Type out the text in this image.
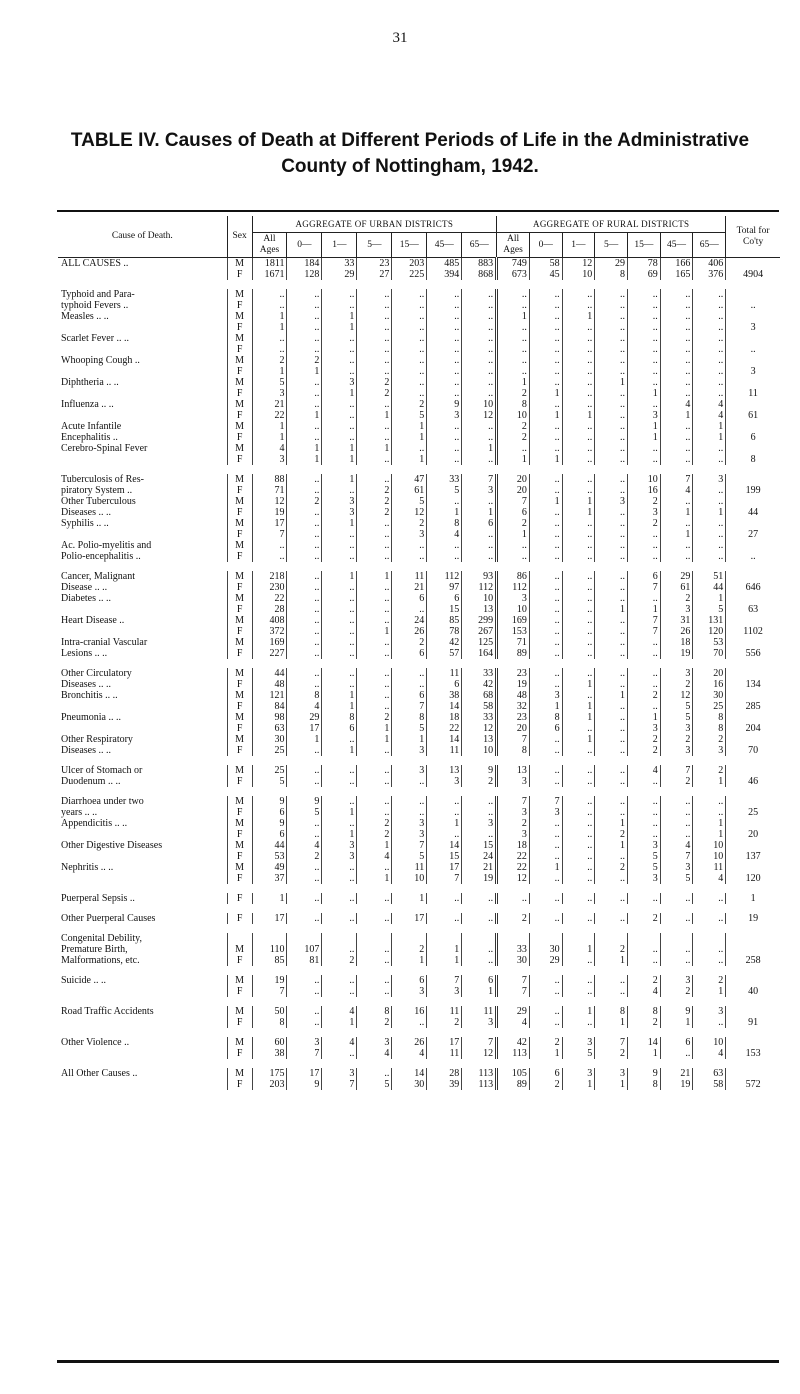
31
TABLE IV. Causes of Death at Different Periods of Life in the Administrative
County of Nottingham, 1942.
Cause of Death.	Sex	AGGREGATE OF URBAN DISTRICTS							AGGREGATE OF RURAL DISTRICTS							Total for Co'ty
		All Ages	0—	1—	5—	15—	45—	65—	All Ages	0—	1—	5—	15—	45—	65—	
ALL CAUSES ..	M	1811	184	33	23	203	485	883	749	58	12	29	78	166	406	
	F	1671	128	29	27	225	394	868	673	45	10	8	69	165	376	4904

Typhoid and Para-	M	..	..	..	..	..	..	..	..	..	..	..	..	..	..	
typhoid Fevers ..	F	..	..	..	..	..	..	..	..	..	..	..	..	..	..	..
Measles .. ..	M	1	..	1	..	..	..	..	1	..	1	..	..	..	..	
	F	1	..	1	..	..	..	..	..	..	..	..	..	..	..	3
Scarlet Fever .. ..	M	..	..	..	..	..	..	..	..	..	..	..	..	..	..	
	F	..	..	..	..	..	..	..	..	..	..	..	..	..	..	..
Whooping Cough ..	M	2	2	..	..	..	..	..	..	..	..	..	..	..	..	
	F	1	1	..	..	..	..	..	..	..	..	..	..	..	..	3
Diphtheria .. ..	M	5	..	3	2	..	..	..	1	..	..	1	..	..	..	
	F	3	..	1	2	..	..	..	2	1	..	..	1	..	..	11
Influenza .. ..	M	21	..	..	..	2	9	10	8	..	..	..	..	4	4	
	F	22	1	..	1	5	3	12	10	1	1	..	3	1	4	61
Acute Infantile	M	1	..	..	..	1	..	..	2	..	..	..	1	..	1	
Encephalitis ..	F	1	..	..	..	1	..	..	2	..	..	..	1	..	1	6
Cerebro-Spinal Fever	M	4	1	1	1	..	..	1	..	..	..	..	..	..	..	
	F	3	1	1	..	1	..	..	1	1	..	..	..	..	..	8

Tuberculosis of Res-	M	88	..	1	..	47	33	7	20	..	..	..	10	7	3	
piratory System ..	F	71	..	..	2	61	5	3	20	..	..	..	16	4	..	199
Other Tuberculous	M	12	2	3	2	5	..	..	7	1	1	3	2	..	..	
Diseases .. ..	F	19	..	3	2	12	1	1	6	..	1	..	3	1	1	44
Syphilis .. ..	M	17	..	1	..	2	8	6	2	..	..	..	2	..	..	
	F	7	..	..	..	3	4	..	1	..	..	..	..	1	..	27
Ac. Polio-myelitis and	M	..	..	..	..	..	..	..	..	..	..	..	..	..	..	
Polio-encephalitis ..	F	..	..	..	..	..	..	..	..	..	..	..	..	..	..	..

Cancer, Malignant	M	218	..	1	1	11	112	93	86	..	..	..	6	29	51	
Disease .. ..	F	230	..	..	..	21	97	112	112	..	..	..	7	61	44	646
Diabetes .. ..	M	22	..	..	..	6	6	10	3	..	..	..	..	2	1	
	F	28	..	..	..	..	15	13	10	..	..	1	1	3	5	63
Heart Disease ..	M	408	..	..	..	24	85	299	169	..	..	..	7	31	131	
	F	372	..	..	1	26	78	267	153	..	..	..	7	26	120	1102
Intra-cranial Vascular	M	169	..	..	..	2	42	125	71	..	..	..	..	18	53	
Lesions .. ..	F	227	..	..	..	6	57	164	89	..	..	..	..	19	70	556

Other Circulatory	M	44	..	..	..	..	11	33	23	..	..	..	..	3	20	
Diseases .. ..	F	48	..	..	..	..	6	42	19	..	1	..	..	2	16	134
Bronchitis .. ..	M	121	8	1	..	6	38	68	48	3	..	1	2	12	30	
	F	84	4	1	..	7	14	58	32	1	1	..	..	5	25	285
Pneumonia .. ..	M	98	29	8	2	8	18	33	23	8	1	..	1	5	8	
	F	63	17	6	1	5	22	12	20	6	..	..	3	3	8	204
Other Respiratory	M	30	1	..	1	1	14	13	7	..	1	..	2	2	2	
Diseases .. ..	F	25	..	1	..	3	11	10	8	..	..	..	2	3	3	70

Ulcer of Stomach or	M	25	..	..	..	3	13	9	13	..	..	..	4	7	2	
Duodenum .. ..	F	5	..	..	..	..	3	2	3	..	..	..	..	2	1	46

Diarrhoea under two	M	9	9	..	..	..	..	..	7	7	..	..	..	..	..	
years .. ..	F	6	5	1	..	..	..	..	3	3	..	..	..	..	..	25
Appendicitis .. ..	M	9	..	..	2	3	1	3	2	..	..	1	..	..	1	
	F	6	..	1	2	3	..	..	3	..	..	2	..	..	1	20
Other Digestive Diseases	M	44	4	3	1	7	14	15	18	..	..	1	3	4	10	
	F	53	2	3	4	5	15	24	22	..	..	..	5	7	10	137
Nephritis .. ..	M	49	..	..	..	11	17	21	22	1	..	2	5	3	11	
	F	37	..	..	1	10	7	19	12	..	..	..	3	5	4	120

Puerperal Sepsis ..	F	1	..	..	..	1	..	..	..	..	..	..	..	..	..	1

Other Puerperal Causes	F	17	..	..	..	17	..	..	2	..	..	..	2	..	..	19

Congenital Debility,																
Premature Birth,	M	110	107	..	..	2	1	..	33	30	1	2	..	..	..	
Malformations, etc.	F	85	81	2	..	1	1	..	30	29	..	1	..	..	..	258

Suicide .. ..	M	19	..	..	..	6	7	6	7	..	..	..	2	3	2	
	F	7	..	..	..	3	3	1	7	..	..	..	4	2	1	40

Road Traffic Accidents	M	50	..	4	8	16	11	11	29	..	1	8	8	9	3	
	F	8	..	1	2	..	2	3	4	..	..	1	2	1	..	91

Other Violence ..	M	60	3	4	3	26	17	7	42	2	3	7	14	6	10	
	F	38	7	..	4	4	11	12	113	1	5	2	1	..	4	153

All Other Causes ..	M	175	17	3	..	14	28	113	105	6	3	3	9	21	63	
	F	203	9	7	5	30	39	113	89	2	1	1	8	19	58	572
